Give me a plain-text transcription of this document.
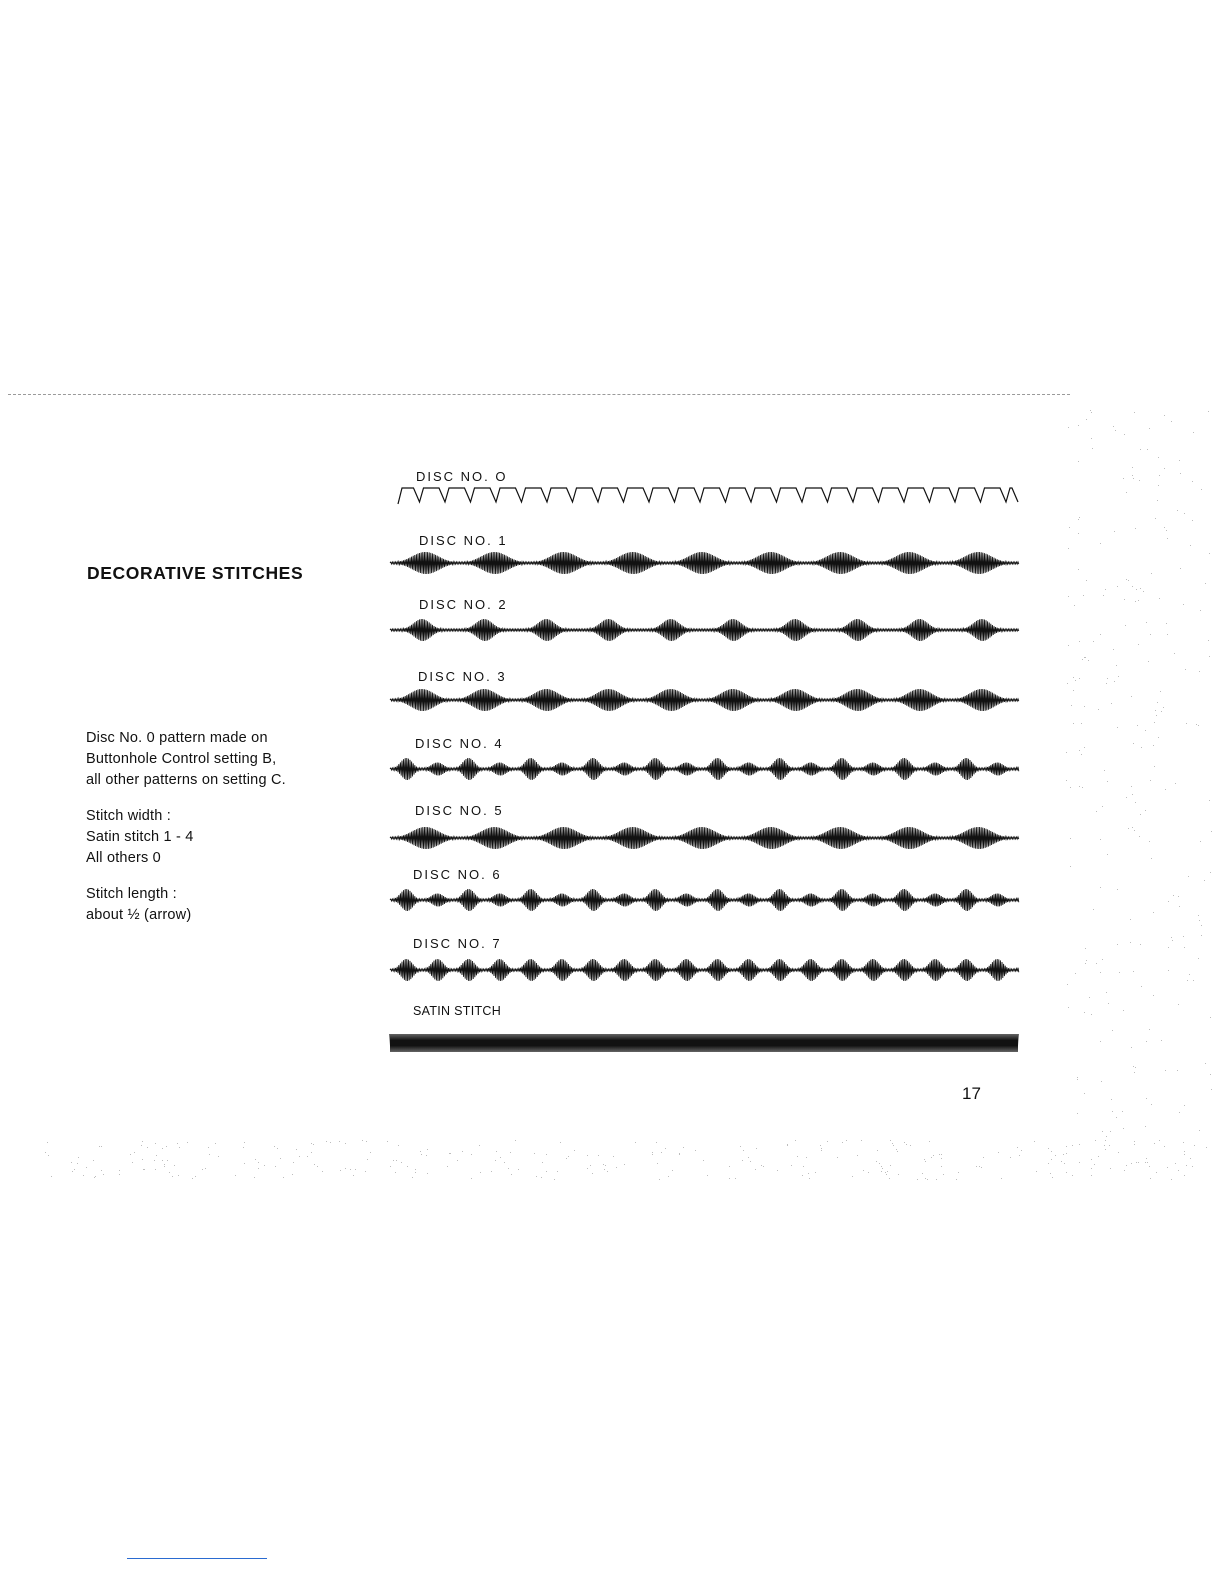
DECORATIVE STITCHES
Disc No. 0 pattern made on
Buttonhole Control setting B,
all other patterns on setting C.
Stitch width :
Satin stitch 1 - 4
All others 0
Stitch length :
about ½ (arrow)
DISC NO. O
DISC NO. 1
DISC NO. 2
DISC NO. 3
DISC NO. 4
DISC NO. 5
DISC NO. 6
DISC NO. 7
SATIN STITCH
17
